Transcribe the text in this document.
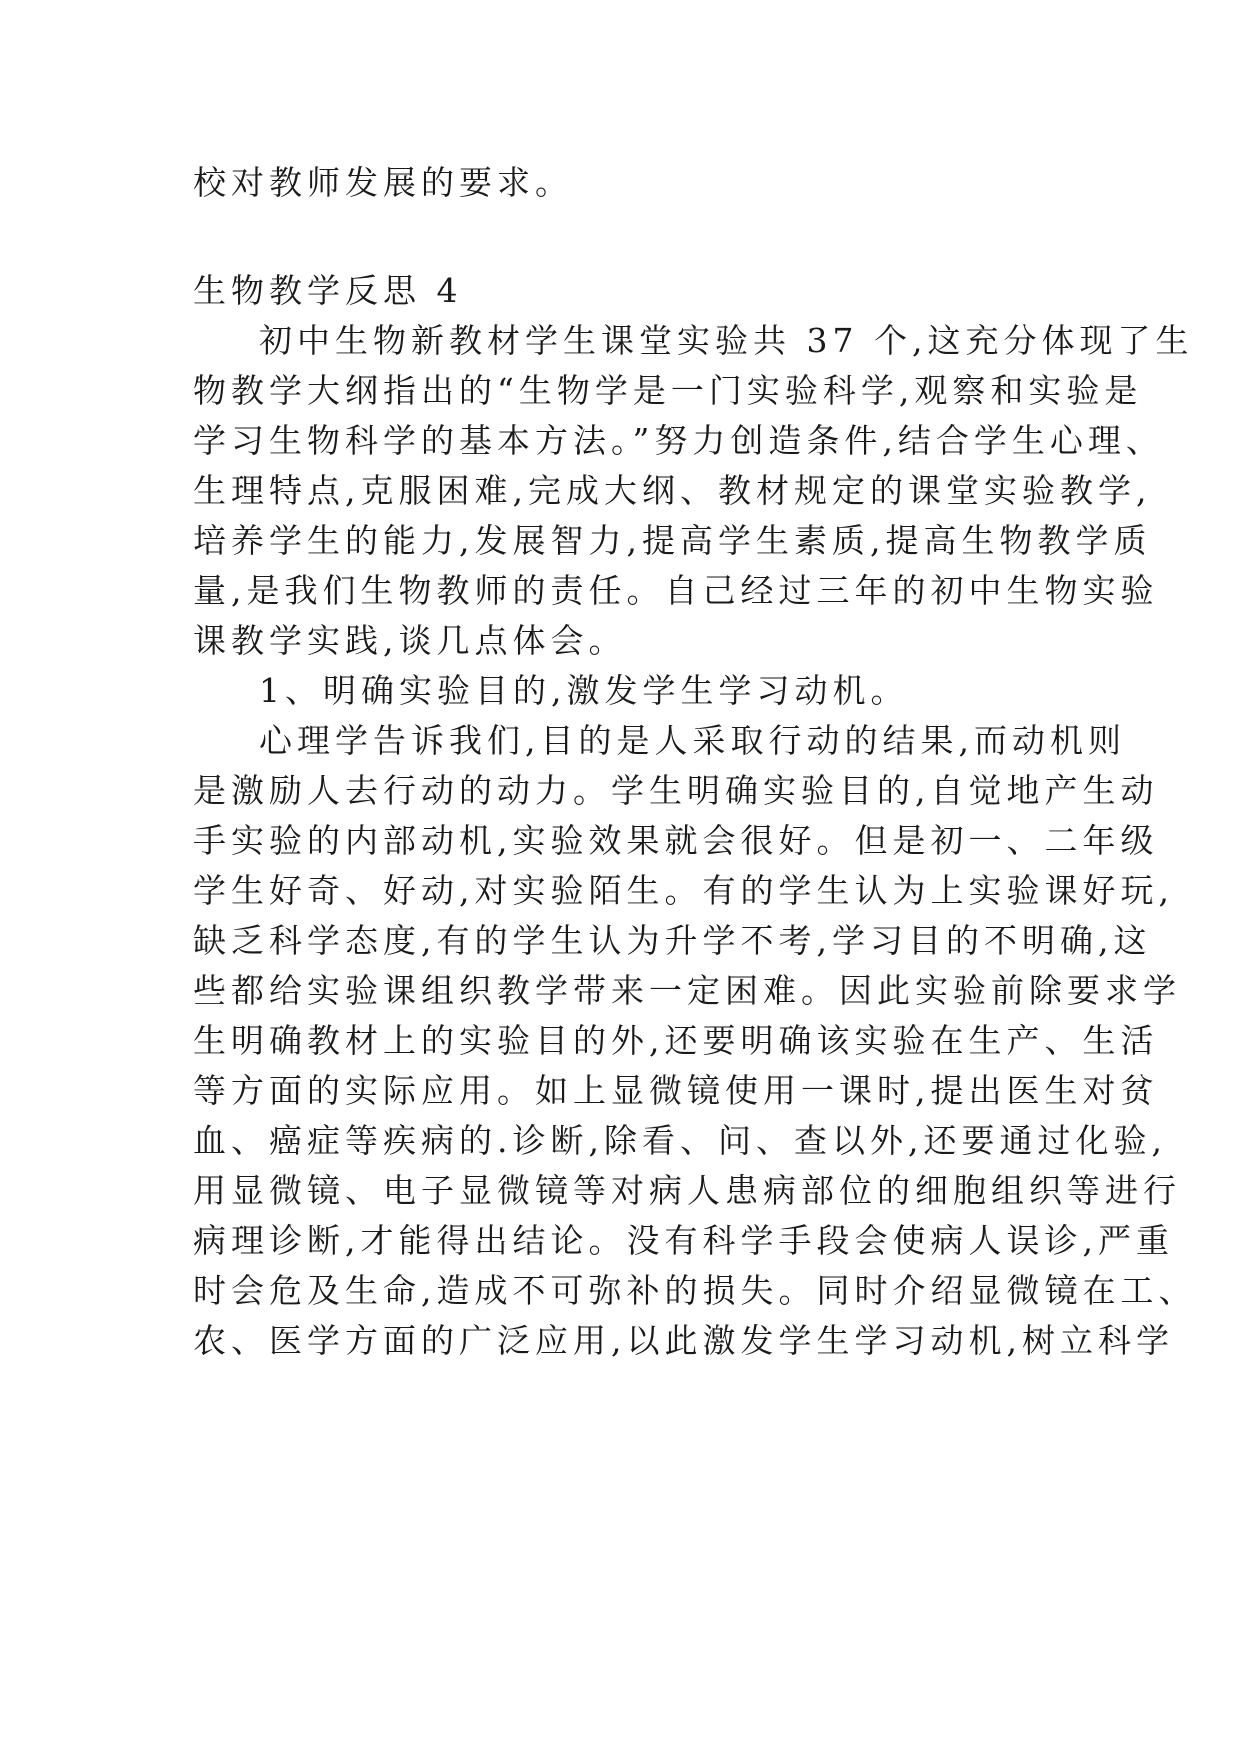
校对教师发展的要求。
生物教学反思 4
初中生物新教材学生课堂实验共 37 个,这充分体现了生
物教学大纲指出的“生物学是一门实验科学,观察和实验是
学习生物科学的基本方法。”努力创造条件,结合学生心理、
生理特点,克服困难,完成大纲、教材规定的课堂实验教学,
培养学生的能力,发展智力,提高学生素质,提高生物教学质
量,是我们生物教师的责任。自己经过三年的初中生物实验
课教学实践,谈几点体会。
1、明确实验目的,激发学生学习动机。
心理学告诉我们,目的是人采取行动的结果,而动机则
是激励人去行动的动力。学生明确实验目的,自觉地产生动
手实验的内部动机,实验效果就会很好。但是初一、二年级
学生好奇、好动,对实验陌生。有的学生认为上实验课好玩,
缺乏科学态度,有的学生认为升学不考,学习目的不明确,这
些都给实验课组织教学带来一定困难。因此实验前除要求学
生明确教材上的实验目的外,还要明确该实验在生产、生活
等方面的实际应用。如上显微镜使用一课时,提出医生对贫
血、癌症等疾病的.诊断,除看、问、查以外,还要通过化验,
用显微镜、电子显微镜等对病人患病部位的细胞组织等进行
病理诊断,才能得出结论。没有科学手段会使病人误诊,严重
时会危及生命,造成不可弥补的损失。同时介绍显微镜在工、
农、医学方面的广泛应用,以此激发学生学习动机,树立科学
